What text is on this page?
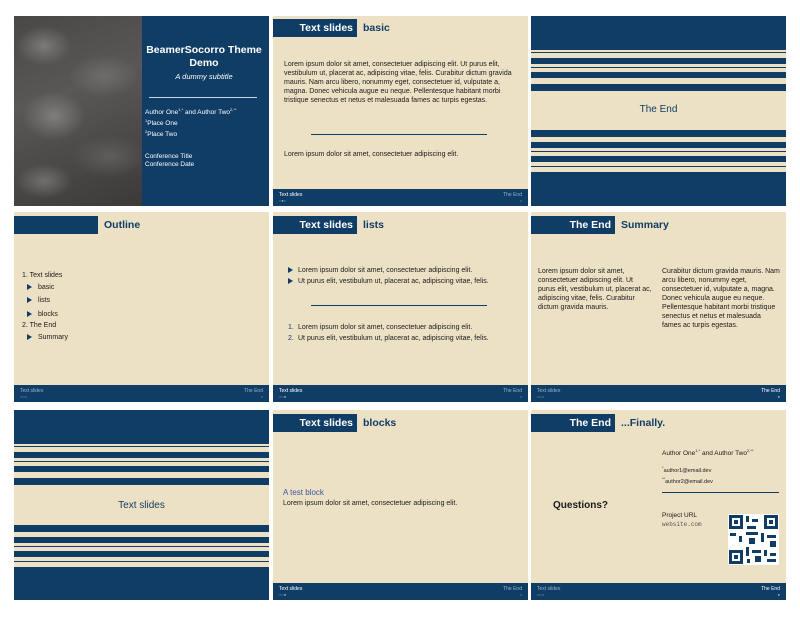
BeamerSocorro Theme Demo
A dummy subtitle
Author One$^{1,*}$ and Author Two$^{2,**}$
$^1$Place One
$^2$Place Two
Conference Title
Conference Date
Text slides basic
Lorem ipsum dolor sit amet, consectetuer adipiscing elit. Ut purus elit, vestibulum ut, placerat ac, adipiscing vitae, felis. Curabitur dictum gravida mauris. Nam arcu libero, nonummy eget, consectetuer id, vulputate a, magna. Donec vehicula augue eu neque. Pellentesque habitant morbi tristique senectus et netus et malesuada fames ac turpis egestas.
Lorem ipsum dolor sit amet, consectetuer adipiscing elit.
Text slides
○●○
The End
○
The End
Outline
1. Text slides
basic
lists
blocks
2. The End
Summary
Text slides
○○○
The End
○
Text slides lists
Lorem ipsum dolor sit amet, consectetuer adipiscing elit.
Ut purus elit, vestibulum ut, placerat ac, adipiscing vitae, felis.
1. Lorem ipsum dolor sit amet, consectetuer adipiscing elit.
2. Ut purus elit, vestibulum ut, placerat ac, adipiscing vitae, felis.
Text slides
○○●
The End
○
The End Summary
Lorem ipsum dolor sit amet, consectetuer adipiscing elit. Ut purus elit, vestibulum ut, placerat ac, adipiscing vitae, felis. Curabitur dictum gravida mauris.
Curabitur dictum gravida mauris. Nam arcu libero, nonummy eget, consectetuer id, vulputate a, magna. Donec vehicula augue eu neque. Pellentesque habitant morbi tristique senectus et netus et malesuada fames ac turpis egestas.
Text slides
○○○
The End
●
Text slides
Text slides blocks
A test block
Lorem ipsum dolor sit amet, consectetuer adipiscing elit.
Text slides
○○●
The End
○
The End ...Finally.
Author One$^{1,*}$ and Author Two$^{2,**}$
*author1@email.dev
**author2@email.dev
Questions?
Project URL
website.com
Text slides
○○○
The End
●
